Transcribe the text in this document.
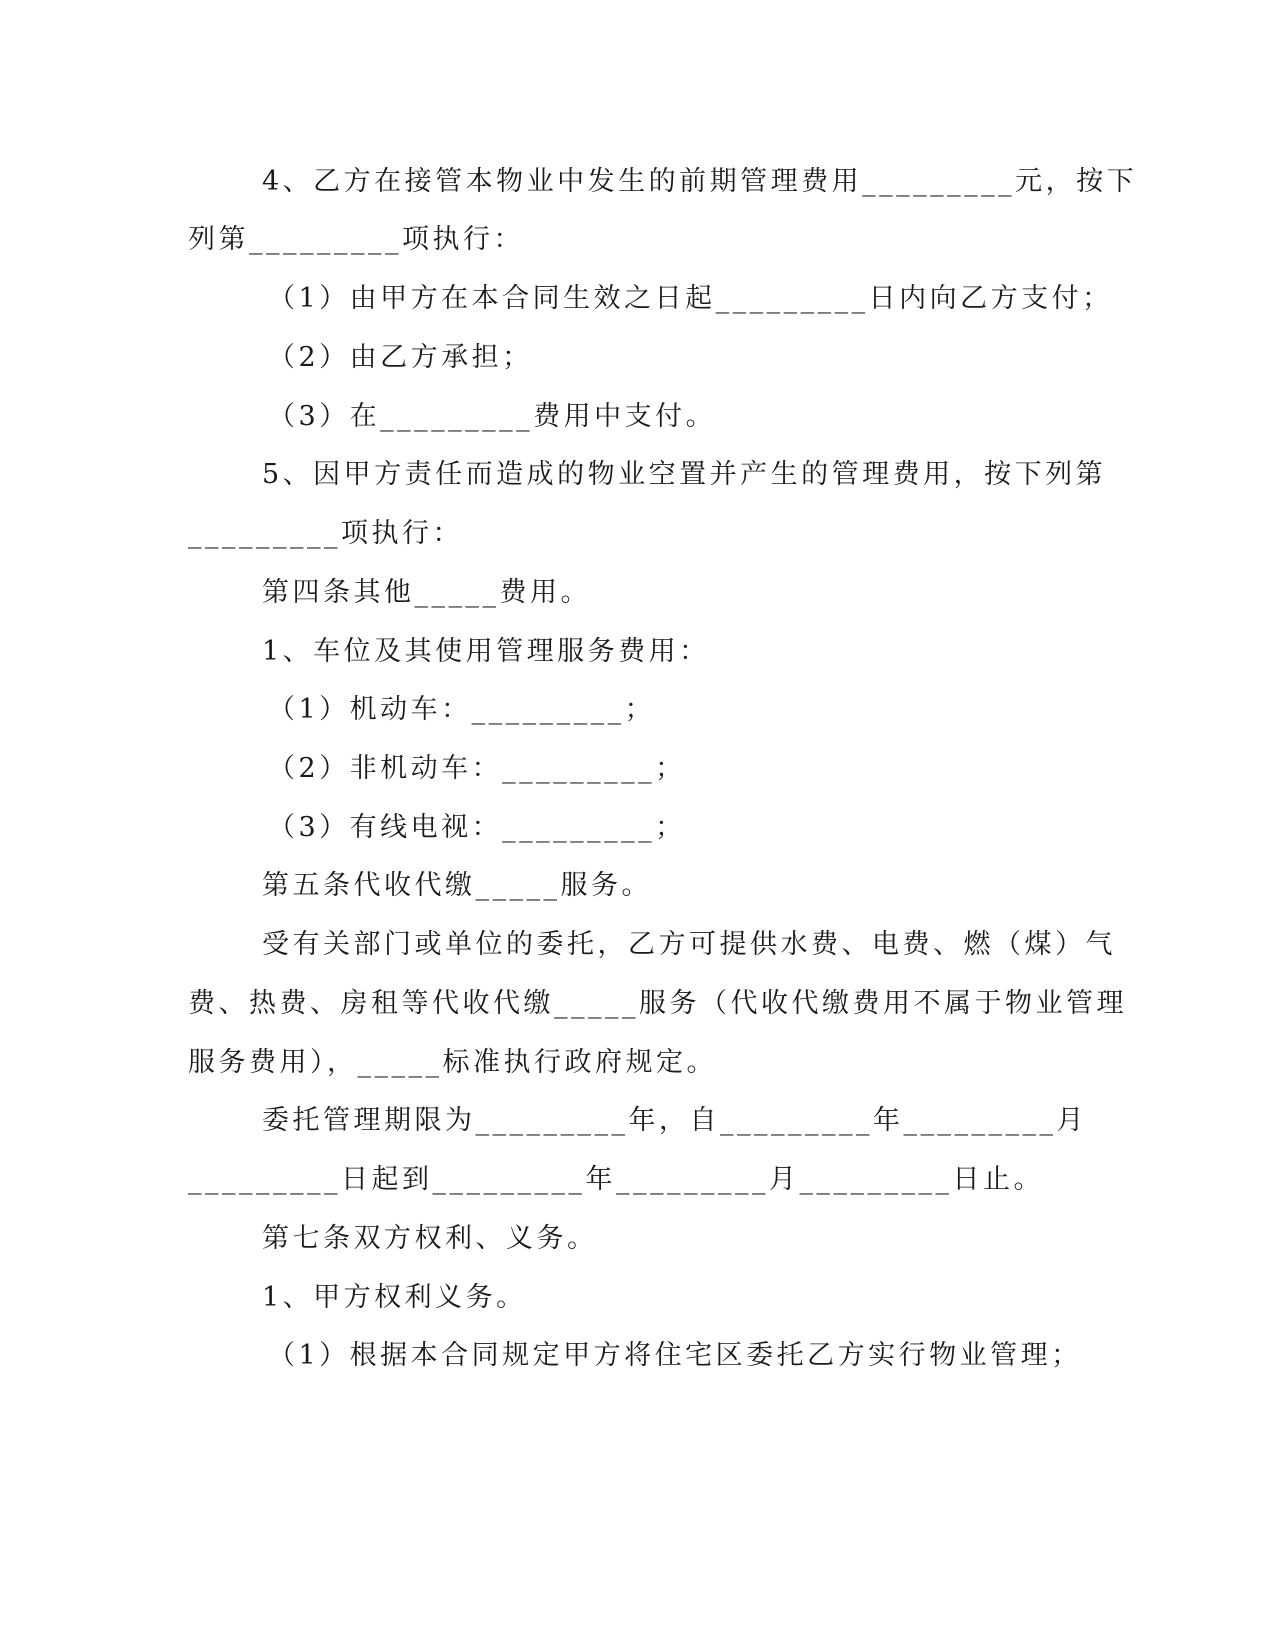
4、乙方在接管本物业中发生的前期管理费用_________元，按下
列第_________项执行：
（1）由甲方在本合同生效之日起_________日内向乙方支付；
（2）由乙方承担；
（3）在_________费用中支付。
5、因甲方责任而造成的物业空置并产生的管理费用，按下列第
_________项执行：
第四条其他_____费用。
1、车位及其使用管理服务费用：
（1）机动车：_________；
（2）非机动车：_________；
（3）有线电视：_________；
第五条代收代缴_____服务。
受有关部门或单位的委托，乙方可提供水费、电费、燃（煤）气
费、热费、房租等代收代缴_____服务（代收代缴费用不属于物业管理
服务费用），_____标准执行政府规定。
委托管理期限为_________年，自_________年_________月
_________日起到_________年_________月_________日止。
第七条双方权利、义务。
1、甲方权利义务。
（1）根据本合同规定甲方将住宅区委托乙方实行物业管理；
